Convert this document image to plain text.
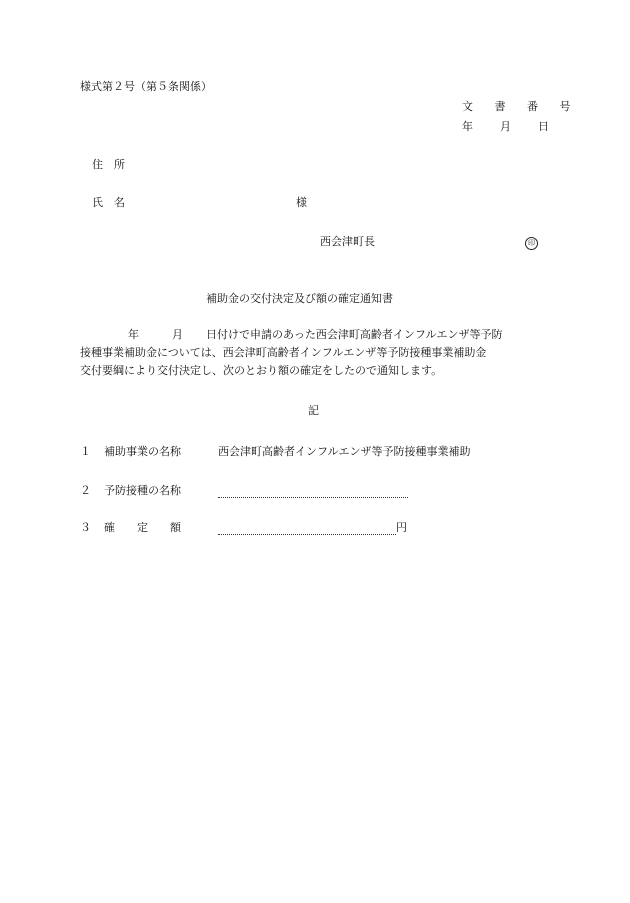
様式第２号（第５条関係）
文 書 番 号
年 月 日
住　所
氏　名	様
西会津町長	印
補助金の交付決定及び額の確定通知書
年	月 日付けで申請のあった西会津町高齢者インフルエンザ等予防
接種事業補助金については、西会津町高齢者インフルエンザ等予防接種事業補助金
交付要綱により交付決定し、次のとおり額の確定をしたので通知します。
記
１ 補助事業の名称	西会津町高齢者インフルエンザ等予防接種事業補助
２ 予防接種の名称
３ 確　　定　　額	円
